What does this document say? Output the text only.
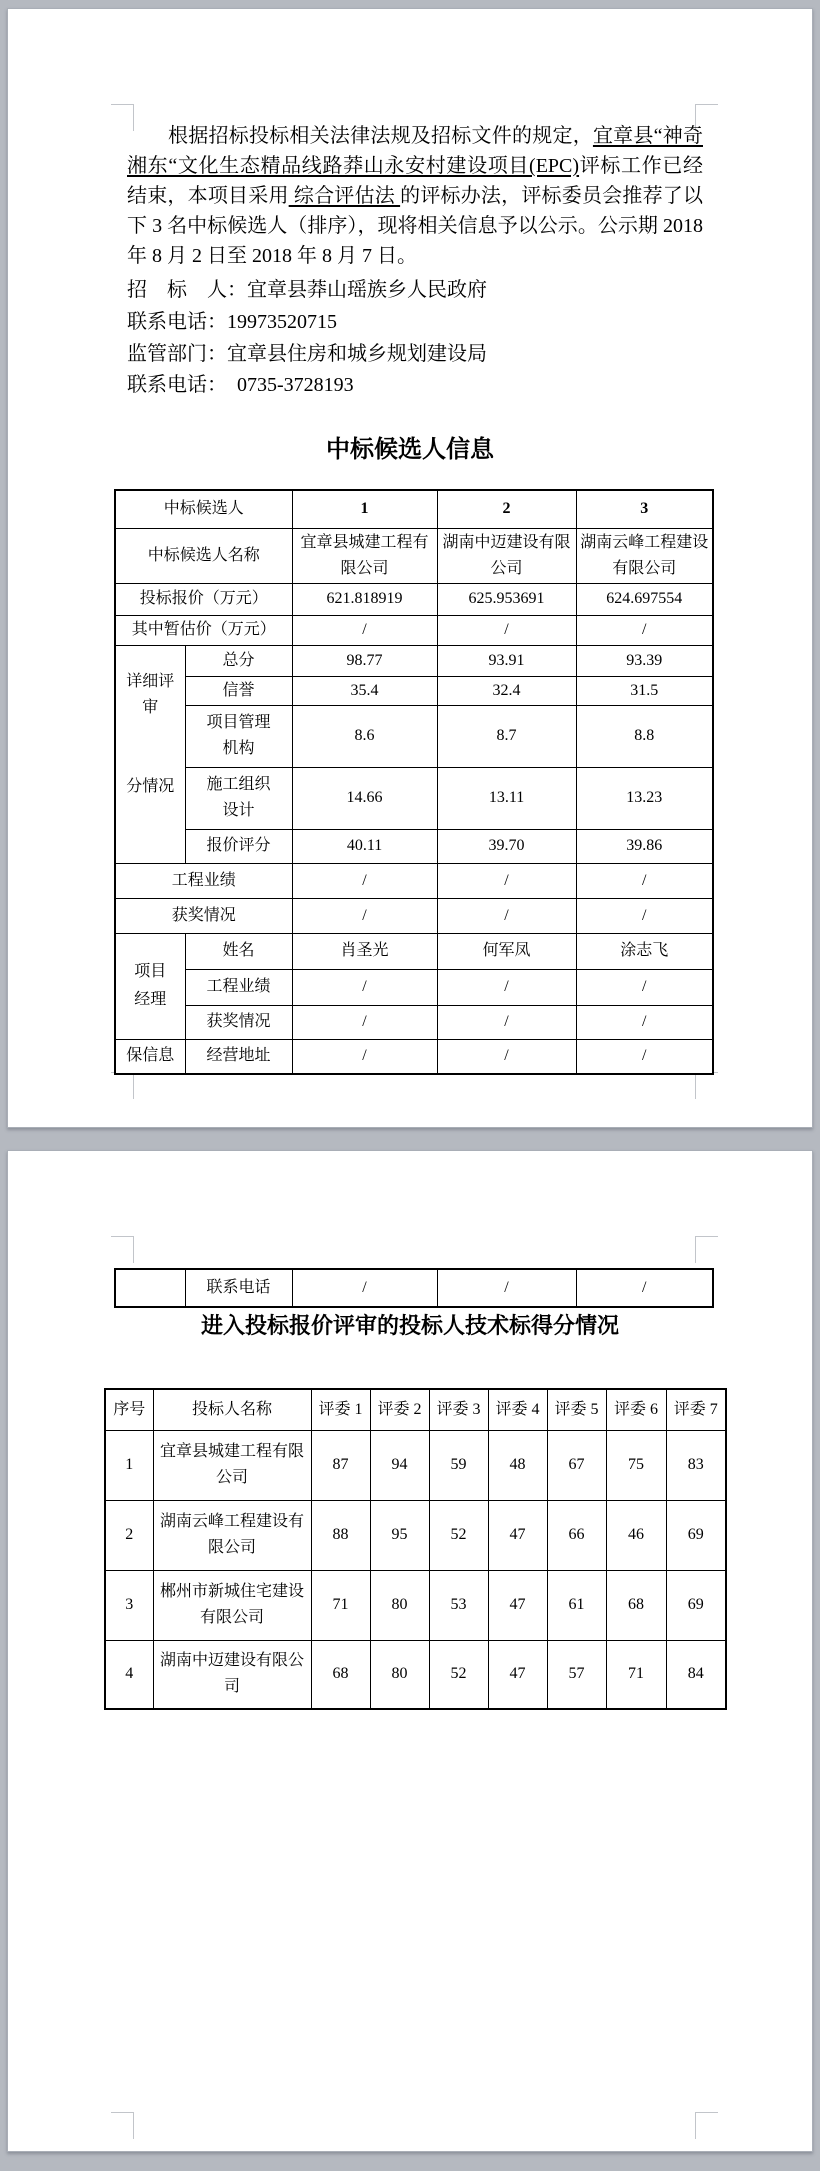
根据招标投标相关法律法规及招标文件的规定，宜章县“神奇湘东“文化生态精品线路莽山永安村建设项目(EPC)评标工作已经结束，本项目采用 综合评估法 的评标办法，评标委员会推荐了以下 3 名中标候选人（排序），现将相关信息予以公示。公示期 2018 年 8 月 2 日至 2018 年 8 月 7 日。
招　标　人：宜章县莽山瑶族乡人民政府
联系电话：19973520715
监管部门：宜章县住房和城乡规划建设局
联系电话：　0735-3728193
中标候选人信息
中标候选人		1	2	3
中标候选人名称		宜章县城建工程有限公司	湖南中迈建设有限公司	湖南云峰工程建设有限公司
投标报价（万元）		621.818919	625.953691	624.697554
其中暂估价（万元）		/	/	/

详细评审
分情况	总分	98.77	93.91	93.39
	信誉	35.4	32.4	31.5

	项目管理机构	8.6	8.7	8.8

	施工组织设计	14.66	13.11	13.23
	报价评分	40.11	39.70	39.86
工程业绩		/	/	/
获奖情况		/	/	/

项目经理	姓名	肖圣光	何军凤	涂志飞
	工程业绩	/	/	/
	获奖情况	/	/	/
保信息	经营地址	/	/	/
	联系电话	/	/	/
进入投标报价评审的投标人技术标得分情况
序号	投标人名称	评委 1	评委 2	评委 3	评委 4	评委 5	评委 6	评委 7
1	宜章县城建工程有限公司	87	94	59	48	67	75	83
2	湖南云峰工程建设有限公司	88	95	52	47	66	46	69
3	郴州市新城住宅建设有限公司	71	80	53	47	61	68	69
4	湖南中迈建设有限公司	68	80	52	47	57	71	84
